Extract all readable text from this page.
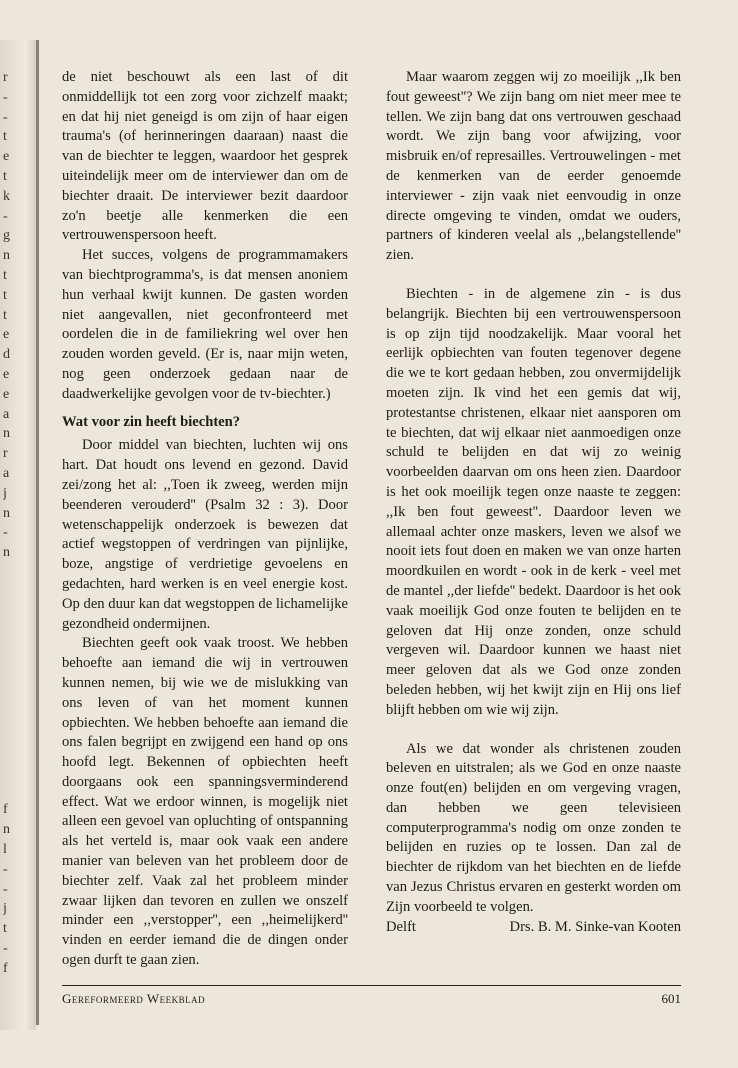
r
-
-
t
e
t
k
-
g
n
t
t
t
e
d
e
e
a
n
r
a
j
n
-
n
f
n
l
-
-
j
t
-
f

de niet beschouwt als een last of dit onmiddellijk tot een zorg voor zichzelf maakt; en dat hij niet geneigd is om zijn of haar eigen trauma's (of herinneringen daaraan) naast die van de biechter te leggen, waardoor het gesprek uiteindelijk meer om de interviewer dan om de biechter draait. De interviewer bezit daardoor zo'n beetje alle kenmerken die een vertrouwenspersoon heeft.

Het succes, volgens de programmamakers van biechtprogramma's, is dat mensen anoniem hun verhaal kwijt kunnen. De gasten worden niet aangevallen, niet geconfronteerd met oordelen die in de familiekring wel over hen zouden worden geveld. (Er is, naar mijn weten, nog geen onderzoek gedaan naar de daadwerkelijke gevolgen voor de tv-biechter.)

Wat voor zin heeft biechten?

Door middel van biechten, luchten wij ons hart. Dat houdt ons levend en gezond. David zei/zong het al: ,,Toen ik zweeg, werden mijn beenderen verouderd'' (Psalm 32 : 3). Door wetenschappelijk onderzoek is bewezen dat actief wegstoppen of verdringen van pijnlijke, boze, angstige of verdrietige gevoelens en gedachten, hard werken is en veel energie kost. Op den duur kan dat wegstoppen de lichamelijke gezondheid ondermijnen.

Biechten geeft ook vaak troost. We hebben behoefte aan iemand die wij in vertrouwen kunnen nemen, bij wie we de mislukking van ons leven of van het moment kunnen opbiechten. We hebben behoefte aan iemand die ons falen begrijpt en zwijgend een hand op ons hoofd legt. Bekennen of opbiechten heeft doorgaans ook een spanningsverminderend effect. Wat we erdoor winnen, is mogelijk niet alleen een gevoel van opluchting of ontspanning als het verteld is, maar ook vaak een andere manier van beleven van het probleem door de biechter zelf. Vaak zal het probleem minder zwaar lijken dan tevoren en zullen we onszelf minder een ,,verstopper'', een ,,heimelijkerd'' vinden en eerder iemand die de dingen onder ogen durft te gaan zien.

Maar waarom zeggen wij zo moeilijk ,,Ik ben fout geweest''? We zijn bang om niet meer mee te tellen. We zijn bang dat ons vertrouwen geschaad wordt. We zijn bang voor afwijzing, voor misbruik en/of represailles. Vertrouwelingen - met de kenmerken van de eerder genoemde interviewer - zijn vaak niet eenvoudig in onze directe omgeving te vinden, omdat we ouders, partners of kinderen veelal als ,,belangstellende'' zien.

Biechten - in de algemene zin - is dus belangrijk. Biechten bij een vertrouwenspersoon is op zijn tijd noodzakelijk. Maar vooral het eerlijk opbiechten van fouten tegenover degene die we te kort gedaan hebben, zou onvermijdelijk moeten zijn. Ik vind het een gemis dat wij, protestantse christenen, elkaar niet aansporen om te biechten, dat wij elkaar niet aanmoedigen onze schuld te belijden en dat wij zo weinig voorbeelden daarvan om ons heen zien. Daardoor is het ook moeilijk tegen onze naaste te zeggen: ,,Ik ben fout geweest''. Daardoor leven we allemaal achter onze maskers, leven we alsof we nooit iets fout doen en maken we van onze harten moordkuilen en wordt - ook in de kerk - veel met de mantel ,,der liefde'' bedekt. Daardoor is het ook vaak moeilijk God onze fouten te belijden en te geloven dat Hij onze zonden, onze schuld vergeven wil. Daardoor kunnen we haast niet meer geloven dat als we God onze zonden beleden hebben, wij het kwijt zijn en Hij ons lief blijft hebben om wie wij zijn.

Als we dat wonder als christenen zouden beleven en uitstralen; als we God en onze naaste onze fout(en) belijden en om vergeving vragen, dan hebben we geen televisieen computerprogramma's nodig om onze zonden te belijden en ruzies op te lossen. Dan zal de biechter de rijkdom van het biechten en de liefde van Jezus Christus ervaren en gesterkt worden om Zijn voorbeeld te volgen.

Delft	Drs. B. M. Sinke-van Kooten
Gereformeerd Weekblad	601
